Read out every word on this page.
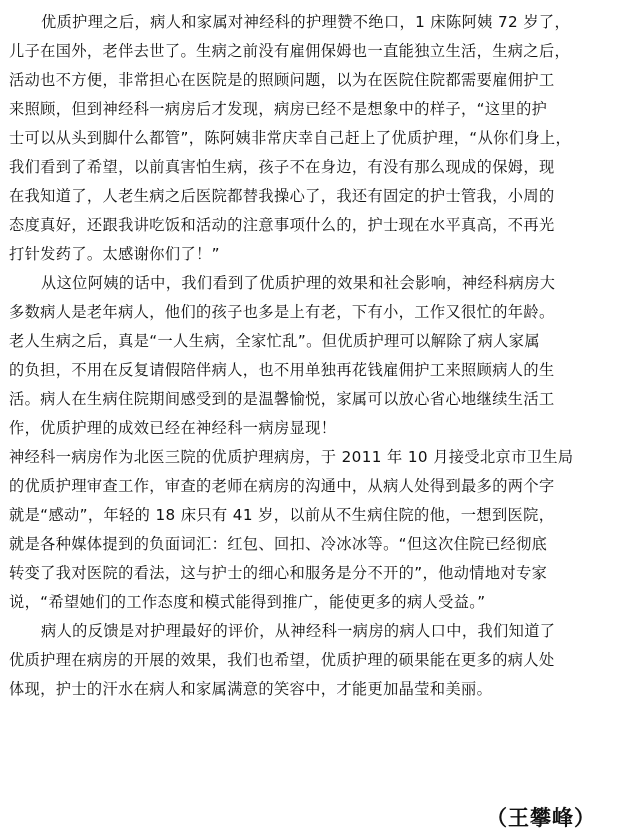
优质护理之后，病人和家属对神经科的护理赞不绝口，1 床陈阿姨 72 岁了，
儿子在国外，老伴去世了。生病之前没有雇佣保姆也一直能独立生活，生病之后，
活动也不方便，非常担心在医院是的照顾问题，以为在医院住院都需要雇佣护工
来照顾，但到神经科一病房后才发现，病房已经不是想象中的样子，“这里的护
士可以从头到脚什么都管”，陈阿姨非常庆幸自己赶上了优质护理，“从你们身上，
我们看到了希望，以前真害怕生病，孩子不在身边，有没有那么现成的保姆，现
在我知道了，人老生病之后医院都替我操心了，我还有固定的护士管我，小周的
态度真好，还跟我讲吃饭和活动的注意事项什么的，护士现在水平真高，不再光
打针发药了。太感谢你们了！”
从这位阿姨的话中，我们看到了优质护理的效果和社会影响，神经科病房大
多数病人是老年病人，他们的孩子也多是上有老，下有小，工作又很忙的年龄。
老人生病之后，真是“一人生病，全家忙乱”。但优质护理可以解除了病人家属
的负担，不用在反复请假陪伴病人，也不用单独再花钱雇佣护工来照顾病人的生
活。病人在生病住院期间感受到的是温馨愉悦，家属可以放心省心地继续生活工
作，优质护理的成效已经在神经科一病房显现！
神经科一病房作为北医三院的优质护理病房，于 2011 年 10 月接受北京市卫生局
的优质护理审查工作，审查的老师在病房的沟通中，从病人处得到最多的两个字
就是“感动”，年轻的 18 床只有 41 岁，以前从不生病住院的他，一想到医院，
就是各种媒体提到的负面词汇：红包、回扣、冷冰冰等。“但这次住院已经彻底
转变了我对医院的看法，这与护士的细心和服务是分不开的”，他动情地对专家
说，“希望她们的工作态度和模式能得到推广，能使更多的病人受益。”
病人的反馈是对护理最好的评价，从神经科一病房的病人口中，我们知道了
优质护理在病房的开展的效果，我们也希望，优质护理的硕果能在更多的病人处
体现，护士的汗水在病人和家属满意的笑容中，才能更加晶莹和美丽。
（王攀峰）
